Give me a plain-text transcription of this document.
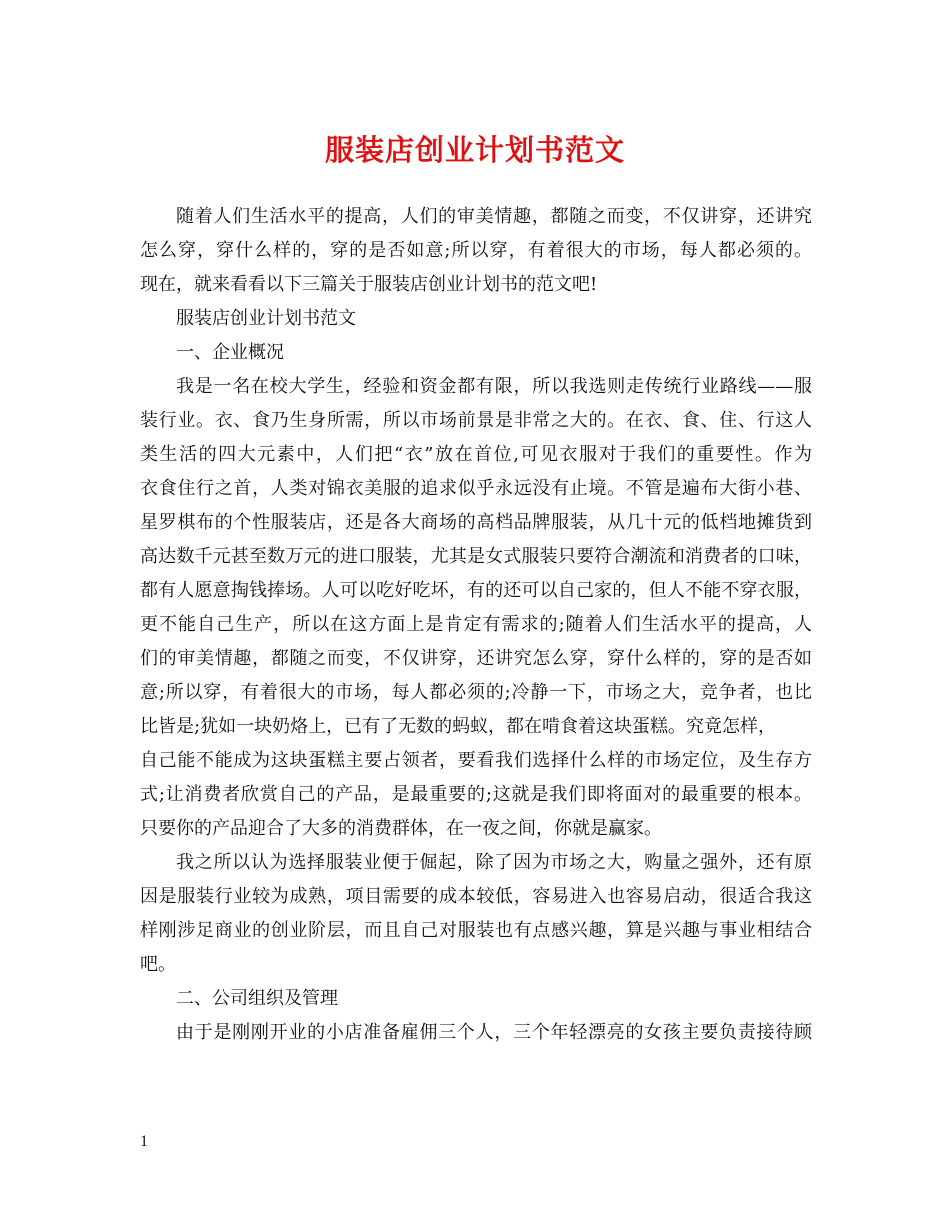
服装店创业计划书范文
随着人们生活水平的提高，人们的审美情趣，都随之而变，不仅讲穿，还讲究
怎么穿，穿什么样的，穿的是否如意;所以穿，有着很大的市场，每人都必须的。
现在，就来看看以下三篇关于服装店创业计划书的范文吧!
服装店创业计划书范文
一、企业概况
我是一名在校大学生，经验和资金都有限，所以我选则走传统行业路线——服
装行业。衣、食乃生身所需，所以市场前景是非常之大的。在衣、食、住、行这人
类生活的四大元素中，人们把“衣”放在首位,可见衣服对于我们的重要性。作为
衣食住行之首，人类对锦衣美服的追求似乎永远没有止境。不管是遍布大街小巷、
星罗棋布的个性服装店，还是各大商场的高档品牌服装，从几十元的低档地摊货到
高达数千元甚至数万元的进口服装，尤其是女式服装只要符合潮流和消费者的口味，
都有人愿意掏钱捧场。人可以吃好吃坏，有的还可以自己家的，但人不能不穿衣服，
更不能自己生产，所以在这方面上是肯定有需求的;随着人们生活水平的提高，人
们的审美情趣，都随之而变，不仅讲穿，还讲究怎么穿，穿什么样的，穿的是否如
意;所以穿，有着很大的市场，每人都必须的;冷静一下，市场之大，竞争者，也比
比皆是;犹如一块奶烙上，已有了无数的蚂蚁，都在啃食着这块蛋糕。究竟怎样，
自己能不能成为这块蛋糕主要占领者，要看我们选择什么样的市场定位，及生存方
式;让消费者欣赏自己的产品，是最重要的;这就是我们即将面对的最重要的根本。
只要你的产品迎合了大多的消费群体，在一夜之间，你就是赢家。
我之所以认为选择服装业便于倔起，除了因为市场之大，购量之强外，还有原
因是服装行业较为成熟，项目需要的成本较低，容易进入也容易启动，很适合我这
样刚涉足商业的创业阶层，而且自己对服装也有点感兴趣，算是兴趣与事业相结合
吧。
二、公司组织及管理
由于是刚刚开业的小店准备雇佣三个人，三个年轻漂亮的女孩主要负责接待顾
1
